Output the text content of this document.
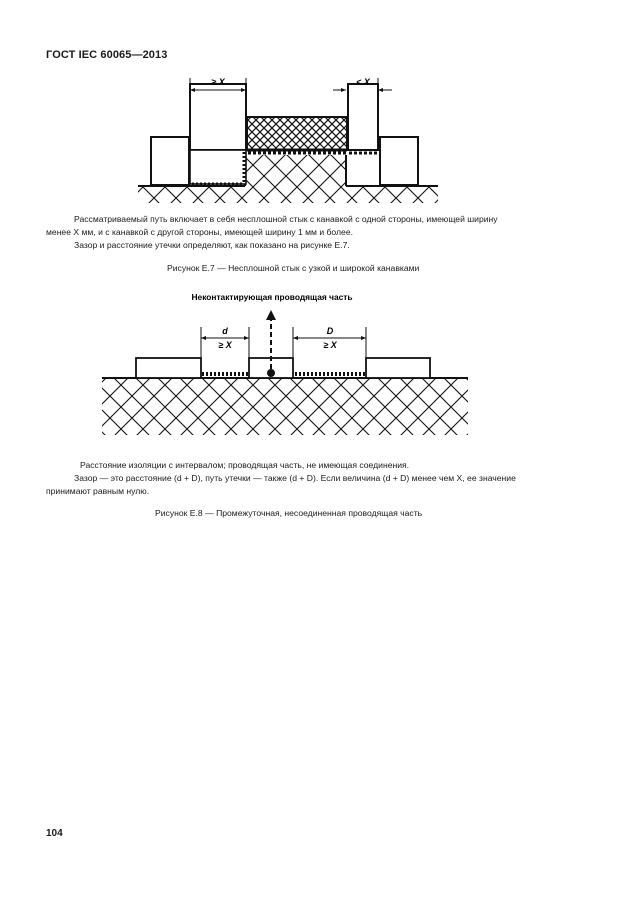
ГОСТ IEC 60065—2013
≥ X	< X
Рассматриваемый путь включает в себя несплошной стык с канавкой с одной стороны, имеющей ширину
менее X мм, и с канавкой с другой стороны, имеющей ширину 1 мм и более.
Зазор и расстояние утечки определяют, как показано на рисунке E.7.
Рисунок E.7 — Несплошной стык с узкой и широкой канавками
d
≥ X
D
≥ X
Неконтактирующая проводящая часть
Расстояние изоляции с интервалом; проводящая часть, не имеющая соединения.
Зазор — это расстояние (d + D), путь утечки — также (d + D). Если величина (d + D) менее чем X, ее значение
принимают равным нулю.
Рисунок E.8 — Промежуточная, несоединенная проводящая часть
104
